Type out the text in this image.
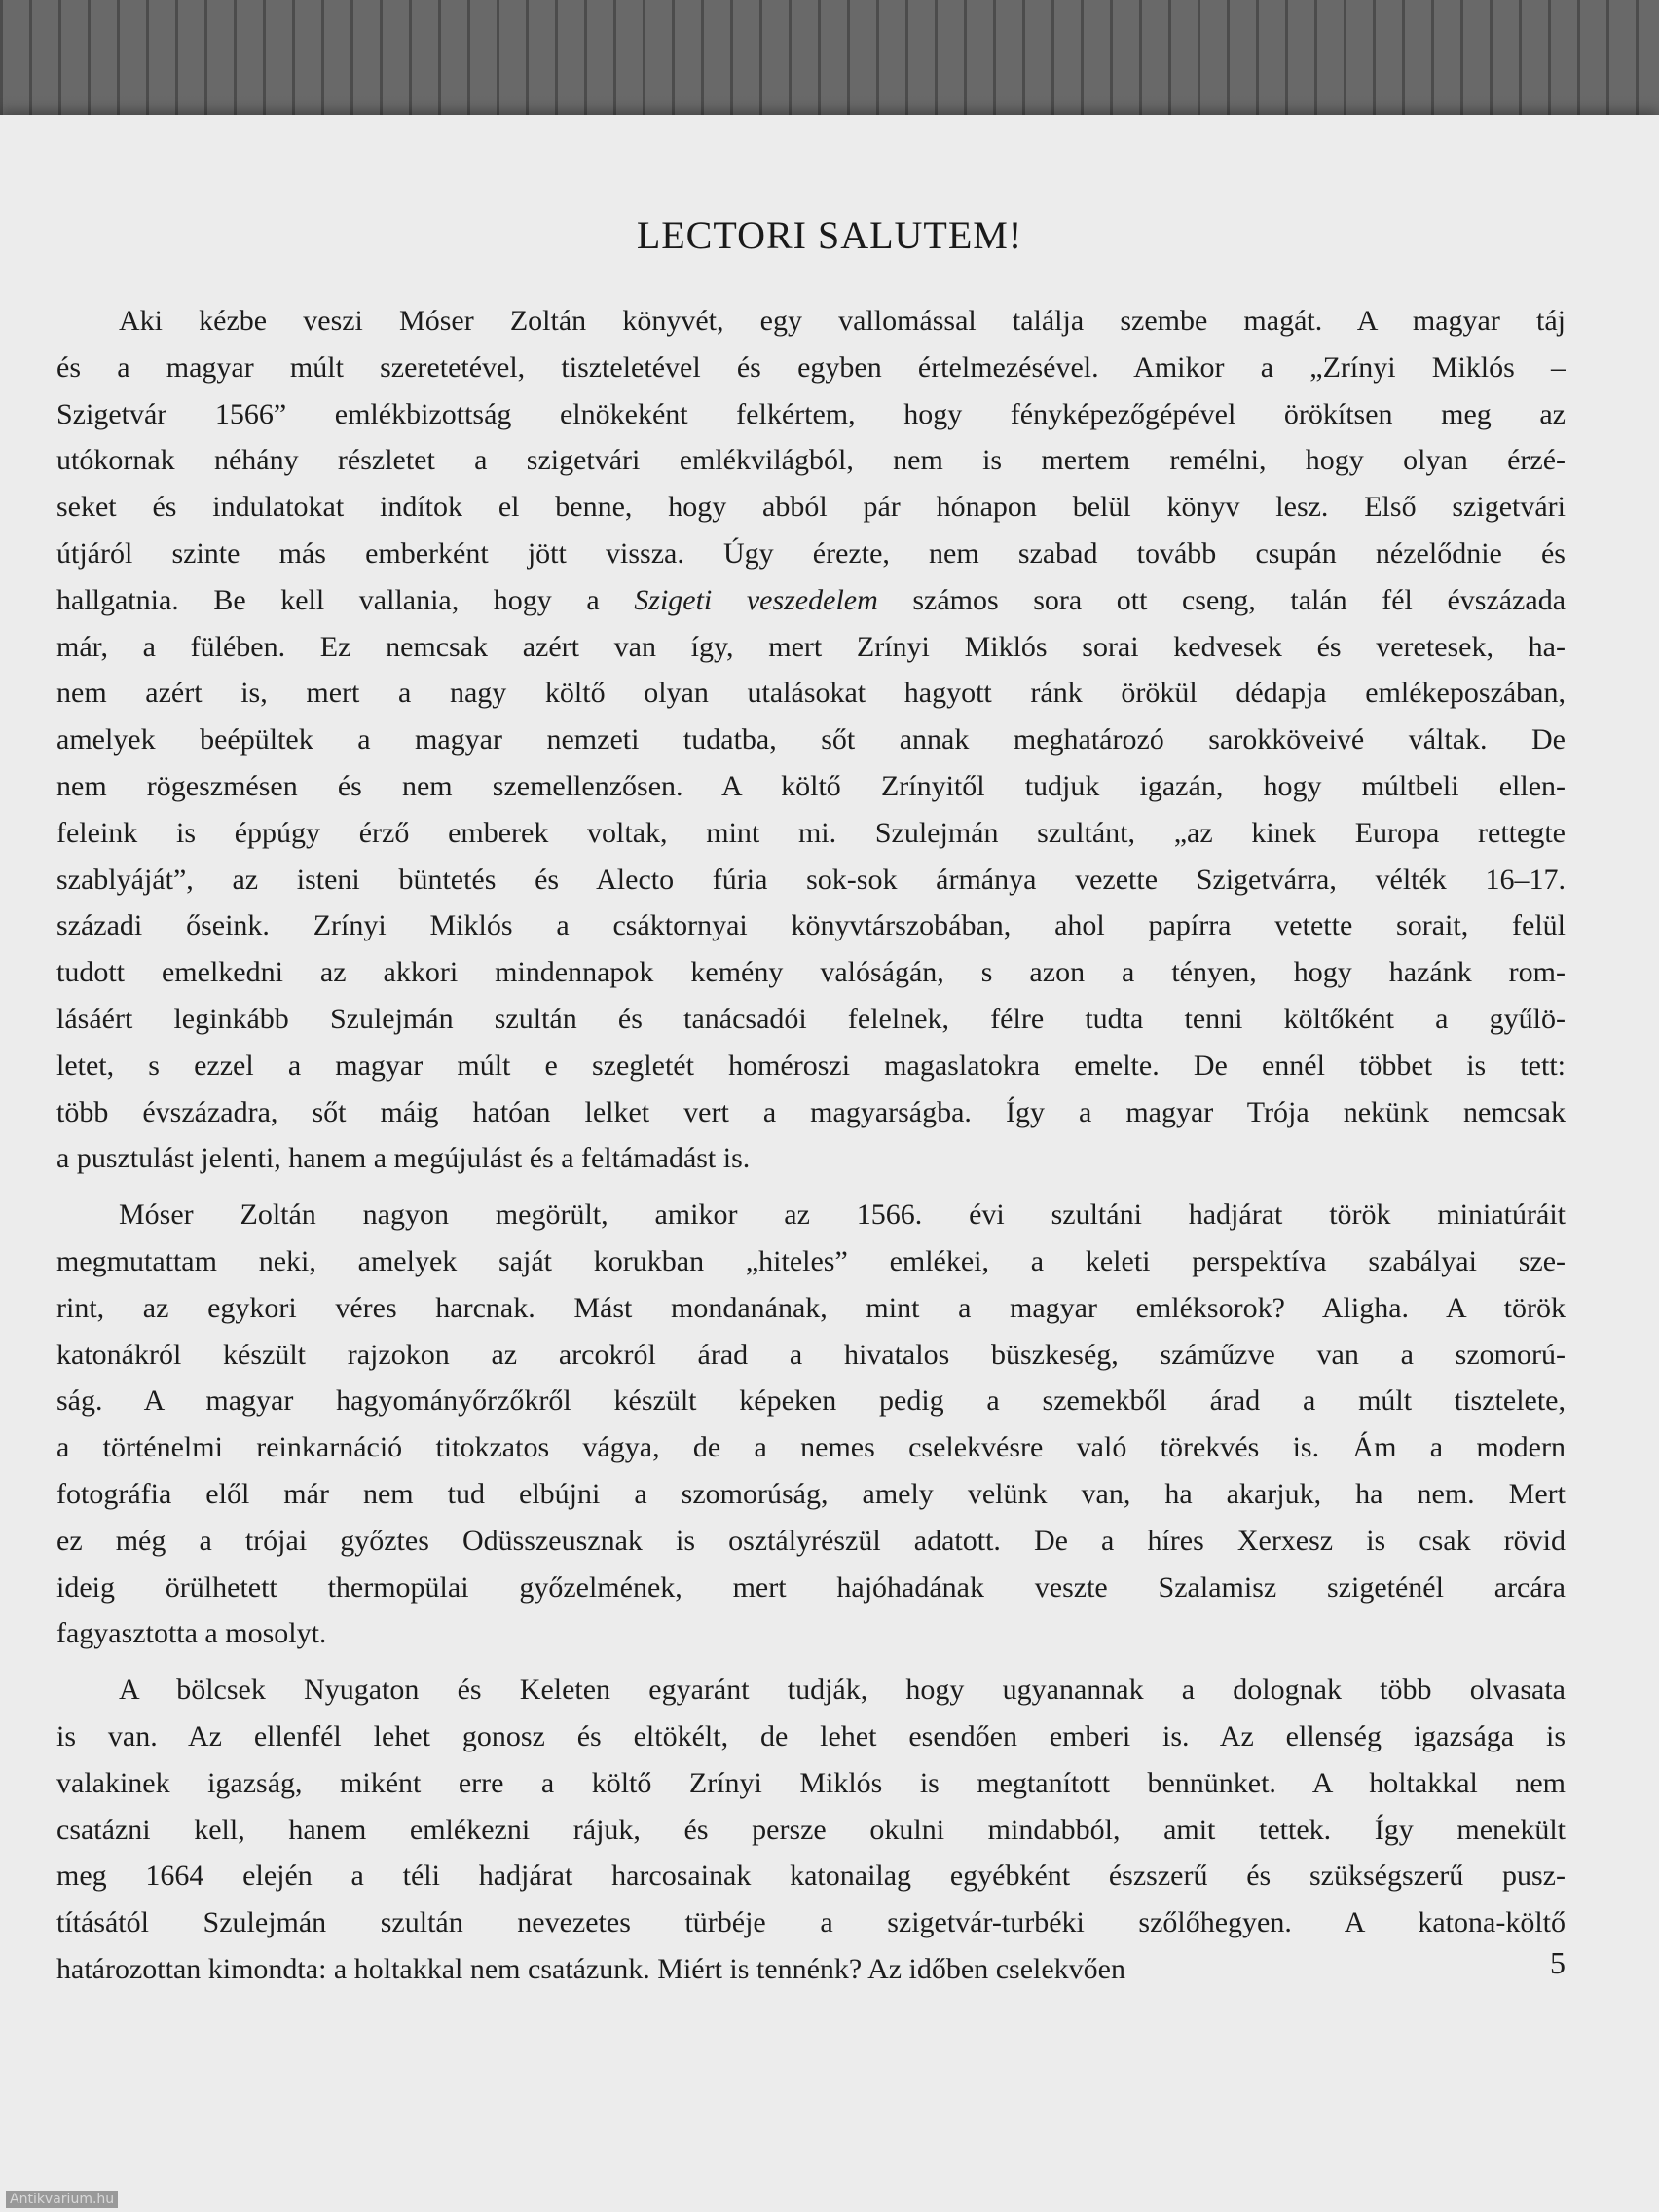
LECTORI SALUTEM!
Aki kézbe veszi Móser Zoltán könyvét, egy vallomással találja szembe magát. A magyar táj
és a magyar múlt szeretetével, tiszteletével és egyben értelmezésével. Amikor a „Zrínyi Miklós –
Szigetvár 1566” emlékbizottság elnökeként felkértem, hogy fényképezőgépével örökítsen meg az
utókornak néhány részletet a szigetvári emlékvilágból, nem is mertem remélni, hogy olyan érzé-
seket és indulatokat indítok el benne, hogy abból pár hónapon belül könyv lesz. Első szigetvári
útjáról szinte más emberként jött vissza. Úgy érezte, nem szabad tovább csupán nézelődnie és
hallgatnia. Be kell vallania, hogy a Szigeti veszedelem számos sora ott cseng, talán fél évszázada
már, a fülében. Ez nemcsak azért van így, mert Zrínyi Miklós sorai kedvesek és veretesek, ha-
nem azért is, mert a nagy költő olyan utalásokat hagyott ránk örökül dédapja emlékeposzában,
amelyek beépültek a magyar nemzeti tudatba, sőt annak meghatározó sarokköveivé váltak. De
nem rögeszmésen és nem szemellenzősen. A költő Zrínyitől tudjuk igazán, hogy múltbeli ellen-
feleink is éppúgy érző emberek voltak, mint mi. Szulejmán szultánt, „az kinek Europa rettegte
szablyáját”, az isteni büntetés és Alecto fúria sok-sok ármánya vezette Szigetvárra, vélték 16–17.
századi őseink. Zrínyi Miklós a csáktornyai könyvtárszobában, ahol papírra vetette sorait, felül
tudott emelkedni az akkori mindennapok kemény valóságán, s azon a tényen, hogy hazánk rom-
lásáért leginkább Szulejmán szultán és tanácsadói felelnek, félre tudta tenni költőként a gyűlö-
letet, s ezzel a magyar múlt e szegletét homéroszi magaslatokra emelte. De ennél többet is tett:
több évszázadra, sőt máig hatóan lelket vert a magyarságba. Így a magyar Trója nekünk nemcsak
a pusztulást jelenti, hanem a megújulást és a feltámadást is.
Móser Zoltán nagyon megörült, amikor az 1566. évi szultáni hadjárat török miniatúráit
megmutattam neki, amelyek saját korukban „hiteles” emlékei, a keleti perspektíva szabályai sze-
rint, az egykori véres harcnak. Mást mondanának, mint a magyar emléksorok? Aligha. A török
katonákról készült rajzokon az arcokról árad a hivatalos büszkeség, száműzve van a szomorú-
ság. A magyar hagyományőrzőkről készült képeken pedig a szemekből árad a múlt tisztelete,
a történelmi reinkarnáció titokzatos vágya, de a nemes cselekvésre való törekvés is. Ám a modern
fotográfia elől már nem tud elbújni a szomorúság, amely velünk van, ha akarjuk, ha nem. Mert
ez még a trójai győztes Odüsszeusznak is osztályrészül adatott. De a híres Xerxesz is csak rövid
ideig örülhetett thermopülai győzelmének, mert hajóhadának veszte Szalamisz szigeténél arcára
fagyasztotta a mosolyt.
A bölcsek Nyugaton és Keleten egyaránt tudják, hogy ugyanannak a dolognak több olvasata
is van. Az ellenfél lehet gonosz és eltökélt, de lehet esendően emberi is. Az ellenség igazsága is
valakinek igazság, miként erre a költő Zrínyi Miklós is megtanított bennünket. A holtakkal nem
csatázni kell, hanem emlékezni rájuk, és persze okulni mindabból, amit tettek. Így menekült
meg 1664 elején a téli hadjárat harcosainak katonailag egyébként észszerű és szükségszerű pusz-
tításától Szulejmán szultán nevezetes türbéje a szigetvár-turbéki szőlőhegyen. A katona-költő
határozottan kimondta: a holtakkal nem csatázunk. Miért is tennénk? Az időben cselekvően	5
Antikvarium.hu
